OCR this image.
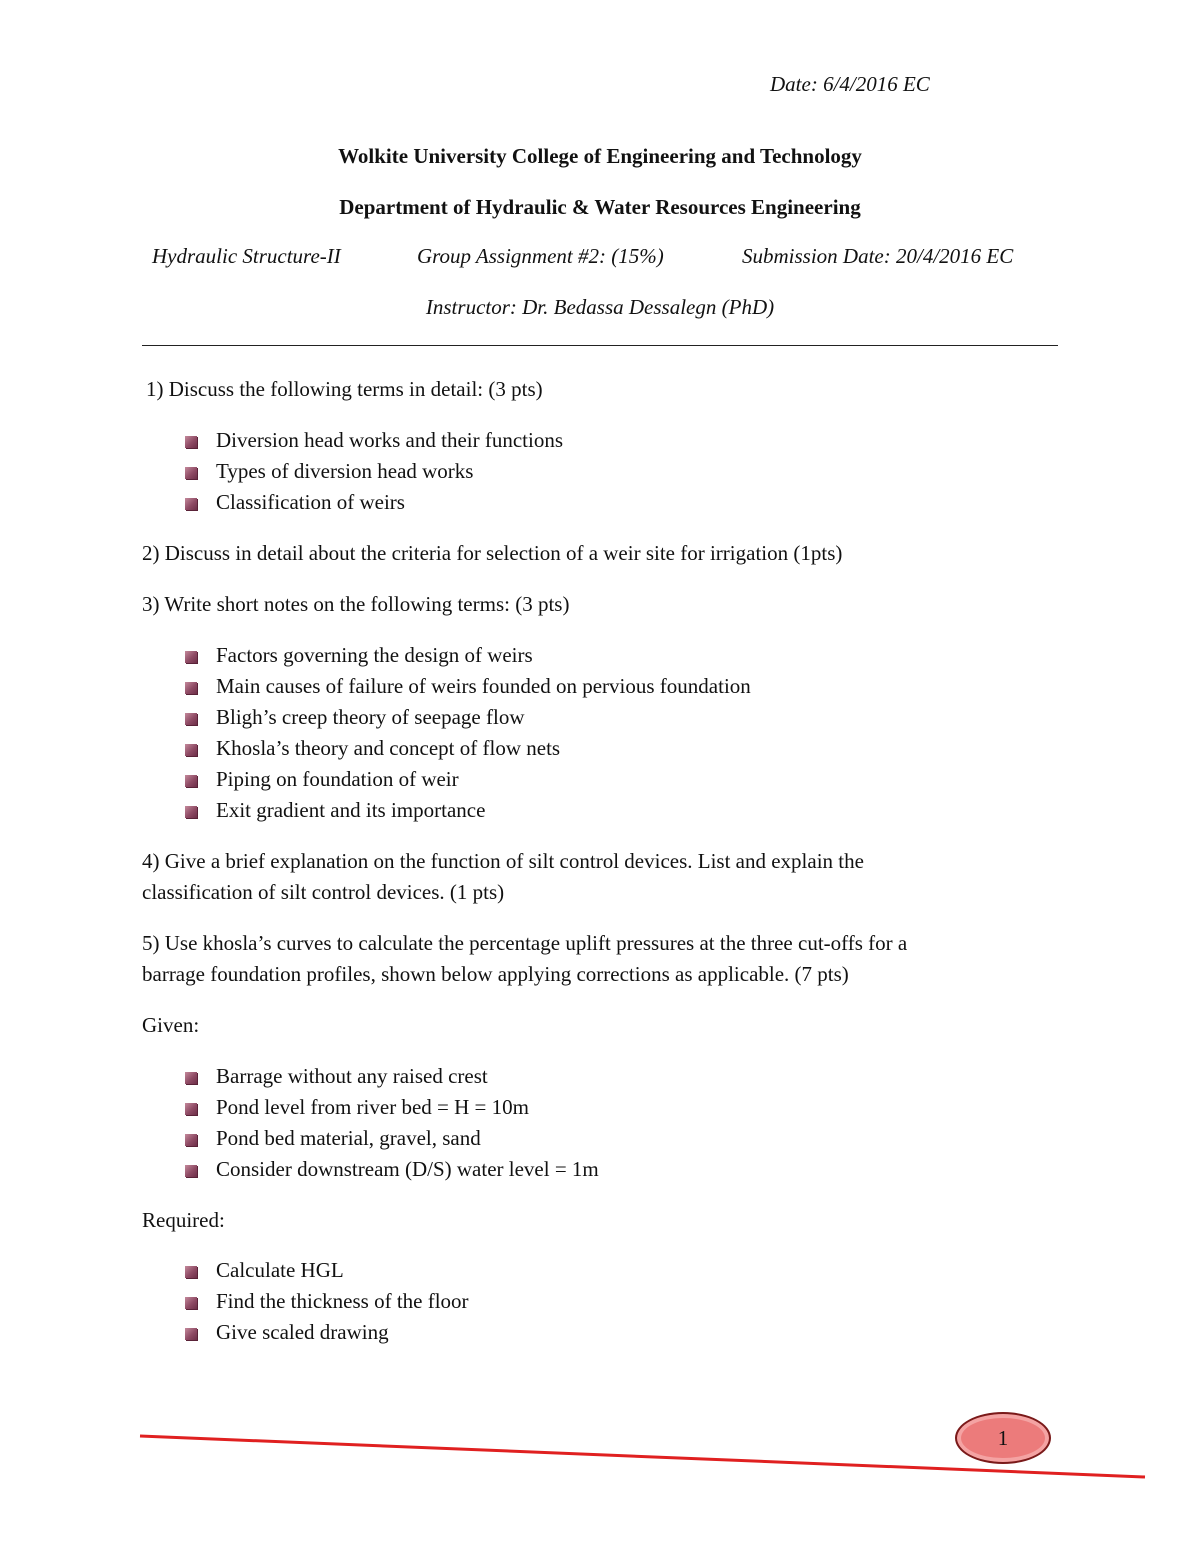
Date: 6/4/2016 EC
Wolkite University College of Engineering and Technology
Department of Hydraulic & Water Resources Engineering
Hydraulic Structure-II	Group Assignment #2: (15%)	Submission Date: 20/4/2016 EC
Instructor: Dr. Bedassa Dessalegn (PhD)
1) Discuss the following terms in detail: (3 pts)
Diversion head works and their functions
Types of diversion head works
Classification of weirs
2) Discuss in detail about the criteria for selection of a weir site for irrigation (1pts)
3) Write short notes on the following terms: (3 pts)
Factors governing the design of weirs
Main causes of failure of weirs founded on pervious foundation
Bligh’s creep theory of seepage flow
Khosla’s theory and concept of flow nets
Piping on foundation of weir
Exit gradient and its importance
4) Give a brief explanation on the function of silt control devices. List and explain the
classification of silt control devices. (1 pts)
5) Use khosla’s curves to calculate the percentage uplift pressures at the three cut-offs for a
barrage foundation profiles, shown below applying corrections as applicable. (7 pts)
Given:
Barrage without any raised crest
Pond level from river bed = H = 10m
Pond bed material, gravel, sand
Consider downstream (D/S) water level = 1m
Required:
Calculate HGL
Find the thickness of the floor
Give scaled drawing
1
